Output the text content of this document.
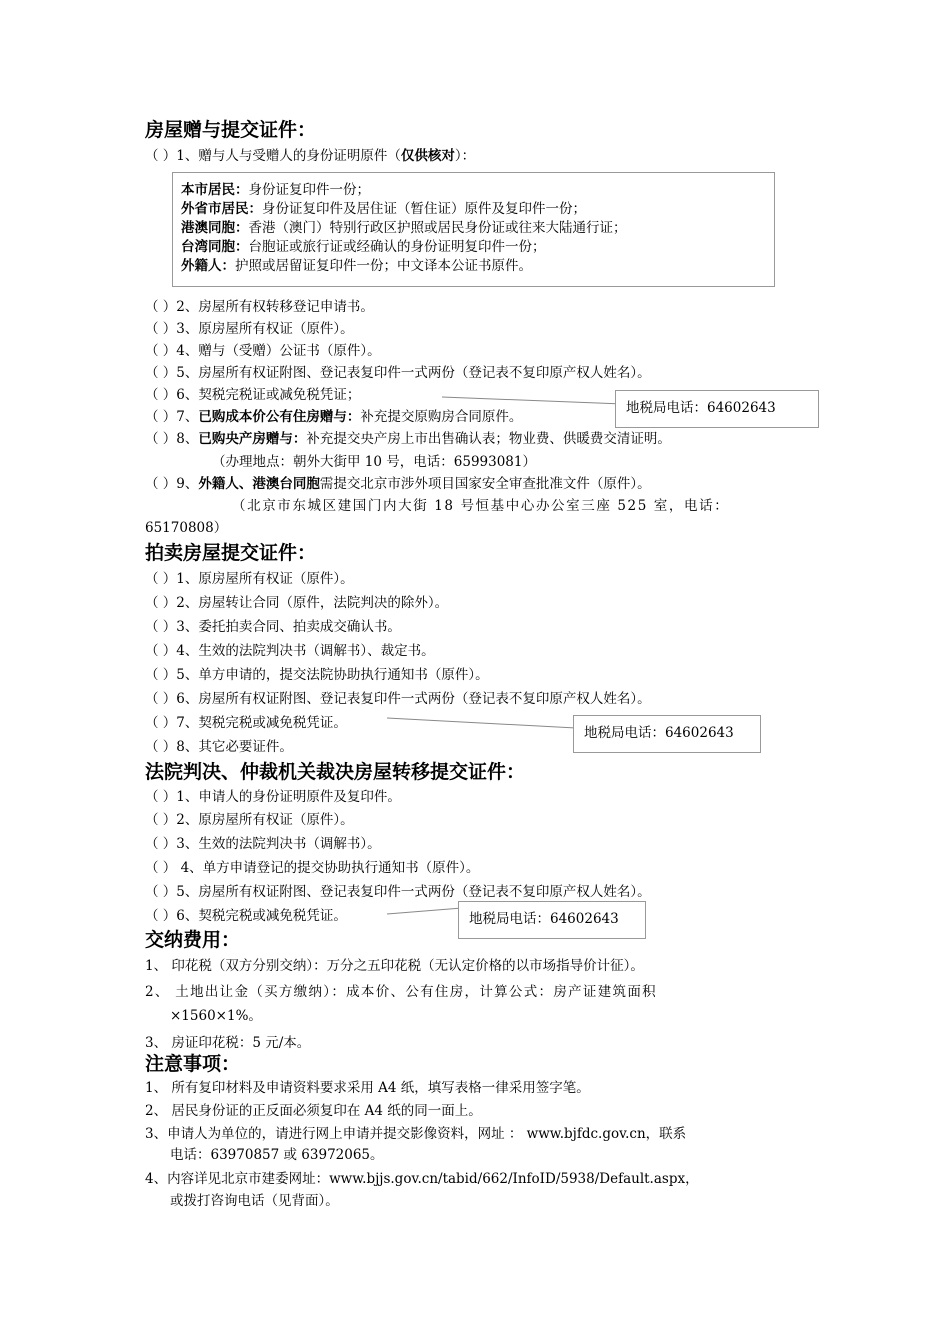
房屋赠与提交证件：
（ ）1、赠与人与受赠人的身份证明原件（仅供核对）：
本市居民：身份证复印件一份；
外省市居民：身份证复印件及居住证（暂住证）原件及复印件一份；
港澳同胞：香港（澳门）特别行政区护照或居民身份证或往来大陆通行证；
台湾同胞：台胞证或旅行证或经确认的身份证明复印件一份；
外籍人：护照或居留证复印件一份；中文译本公证书原件。
（ ）2、房屋所有权转移登记申请书。
（ ）3、原房屋所有权证（原件）。
（ ）4、赠与（受赠）公证书（原件）。
（ ）5、房屋所有权证附图、登记表复印件一式两份（登记表不复印原产权人姓名）。
（ ）6、契税完税证或减免税凭证；
（ ）7、已购成本价公有住房赠与：补充提交原购房合同原件。
（ ）8、已购央产房赠与：补充提交央产房上市出售确认表；物业费、供暖费交清证明。
（办理地点：朝外大街甲 10 号，电话：65993081）
（ ）9、外籍人、港澳台同胞需提交北京市涉外项目国家安全审查批准文件（原件）。
（北京市东城区建国门内大街 18 号恒基中心办公室三座 525 室，电话：
65170808）
地税局电话：64602643
拍卖房屋提交证件：
（ ）1、原房屋所有权证（原件）。
（ ）2、房屋转让合同（原件，法院判决的除外）。
（ ）3、委托拍卖合同、拍卖成交确认书。
（ ）4、生效的法院判决书（调解书）、裁定书。
（ ）5、单方申请的，提交法院协助执行通知书（原件）。
（ ）6、房屋所有权证附图、登记表复印件一式两份（登记表不复印原产权人姓名）。
（ ）7、契税完税或减免税凭证。
（ ）8、其它必要证件。
地税局电话：64602643
法院判决、仲裁机关裁决房屋转移提交证件：
（ ）1、申请人的身份证明原件及复印件。
（ ）2、原房屋所有权证（原件）。
（ ）3、生效的法院判决书（调解书）。
（ ） 4、单方申请登记的提交协助执行通知书（原件）。
（ ）5、房屋所有权证附图、登记表复印件一式两份（登记表不复印原产权人姓名）。
（ ）6、契税完税或减免税凭证。	地税局电话：64602643
交纳费用：
1、 印花税（双方分别交纳）：万分之五印花税（无认定价格的以市场指导价计征）。
2、 土地出让金（买方缴纳）：成本价、公有住房，计算公式：房产证建筑面积
×1560×1%。
3、 房证印花税：5 元/本。
注意事项：
1、 所有复印材料及申请资料要求采用 A4 纸，填写表格一律采用签字笔。
2、 居民身份证的正反面必须复印在 A4 纸的同一面上。
3、申请人为单位的，请进行网上申请并提交影像资料，网址 ： www.bjfdc.gov.cn，联系
电话：63970857 或 63972065。
4、内容详见北京市建委网址：www.bjjs.gov.cn/tabid/662/InfoID/5938/Default.aspx，
或拨打咨询电话（见背面）。
